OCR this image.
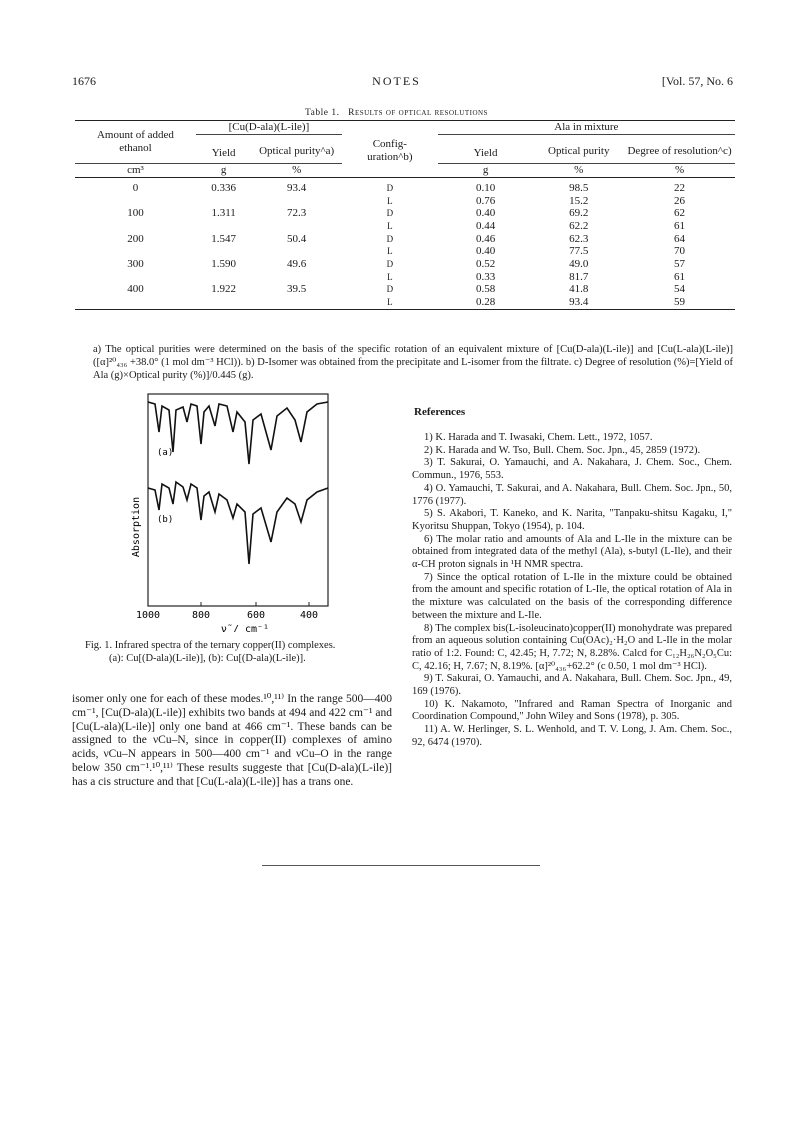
1676	NOTES	[Vol. 57, No. 6
Table 1. Results of optical resolutions
Amount of added ethanol	[Cu(D-ala)(L-ile)]			Ala in mixture		
	Yield	Optical purity^a)	Config-uration^b)	Yield	Optical purity	Degree of resolution^c)
cm³	g	%		g	%	%
0	0.336	93.4	D	0.10	98.5	22
			L	0.76	15.2	26
100	1.311	72.3	D	0.40	69.2	62
			L	0.44	62.2	61
200	1.547	50.4	D	0.46	62.3	64
			L	0.40	77.5	70
300	1.590	49.6	D	0.52	49.0	57
			L	0.33	81.7	61
400	1.922	39.5	D	0.58	41.8	54
			L	0.28	93.4	59
a) The optical purities were determined on the basis of the specific rotation of an equivalent mixture of [Cu(D-ala)(L-ile)] and [Cu(L-ala)(L-ile)] ([α]²⁰₄₃₆ +38.0° (1 mol dm⁻³ HCl)). b) D-Isomer was obtained from the precipitate and L-isomer from the filtrate. c) Degree of resolution (%)=[Yield of Ala (g)×Optical purity (%)]/0.445 (g).
(a)
(b)
Absorption
1000	800	600	400
ν̃ / cm⁻¹
Fig. 1. Infrared spectra of the ternary copper(II) complexes.
(a): Cu[(D-ala)(L-ile)], (b): Cu[(D-ala)(L-ile)].
isomer only one for each of these modes.¹⁰,¹¹⁾ In the range 500—400 cm⁻¹, [Cu(D-ala)(L-ile)] exhibits two bands at 494 and 422 cm⁻¹ and [Cu(L-ala)(L-ile)] only one band at 466 cm⁻¹. These bands can be assigned to the νCu–N, since in copper(II) complexes of amino acids, νCu–N appears in 500—400 cm⁻¹ and νCu–O in the range below 350 cm⁻¹.¹⁰,¹¹⁾ These results suggeste that [Cu(D-ala)(L-ile)] has a cis structure and that [Cu(L-ala)(L-ile)] has a trans one.
References

1) K. Harada and T. Iwasaki, Chem. Lett., 1972, 1057.

2) K. Harada and W. Tso, Bull. Chem. Soc. Jpn., 45, 2859 (1972).

3) T. Sakurai, O. Yamauchi, and A. Nakahara, J. Chem. Soc., Chem. Commun., 1976, 553.

4) O. Yamauchi, T. Sakurai, and A. Nakahara, Bull. Chem. Soc. Jpn., 50, 1776 (1977).

5) S. Akabori, T. Kaneko, and K. Narita, "Tanpaku-shitsu Kagaku, I," Kyoritsu Shuppan, Tokyo (1954), p. 104.

6) The molar ratio and amounts of Ala and L-Ile in the mixture can be obtained from integrated data of the methyl (Ala), s-butyl (L-Ile), and their α-CH proton signals in ¹H NMR spectra.

7) Since the optical rotation of L-Ile in the mixture could be obtained from the amount and specific rotation of L-Ile, the optical rotation of Ala in the mixture was calculated on the basis of the corresponding difference between the mixture and L-Ile.

8) The complex bis(L-isoleucinato)copper(II) monohydrate was prepared from an aqueous solution containing Cu(OAc)₂·H₂O and L-Ile in the molar ratio of 1:2. Found: C, 42.45; H, 7.72; N, 8.28%. Calcd for C₁₂H₂₆N₂O₅Cu: C, 42.16; H, 7.67; N, 8.19%. [α]²⁰₄₃₆+62.2° (c 0.50, 1 mol dm⁻³ HCl).

9) T. Sakurai, O. Yamauchi, and A. Nakahara, Bull. Chem. Soc. Jpn., 49, 169 (1976).

10) K. Nakamoto, "Infrared and Raman Spectra of Inorganic and Coordination Compound," John Wiley and Sons (1978), p. 305.

11) A. W. Herlinger, S. L. Wenhold, and T. V. Long, J. Am. Chem. Soc., 92, 6474 (1970).
